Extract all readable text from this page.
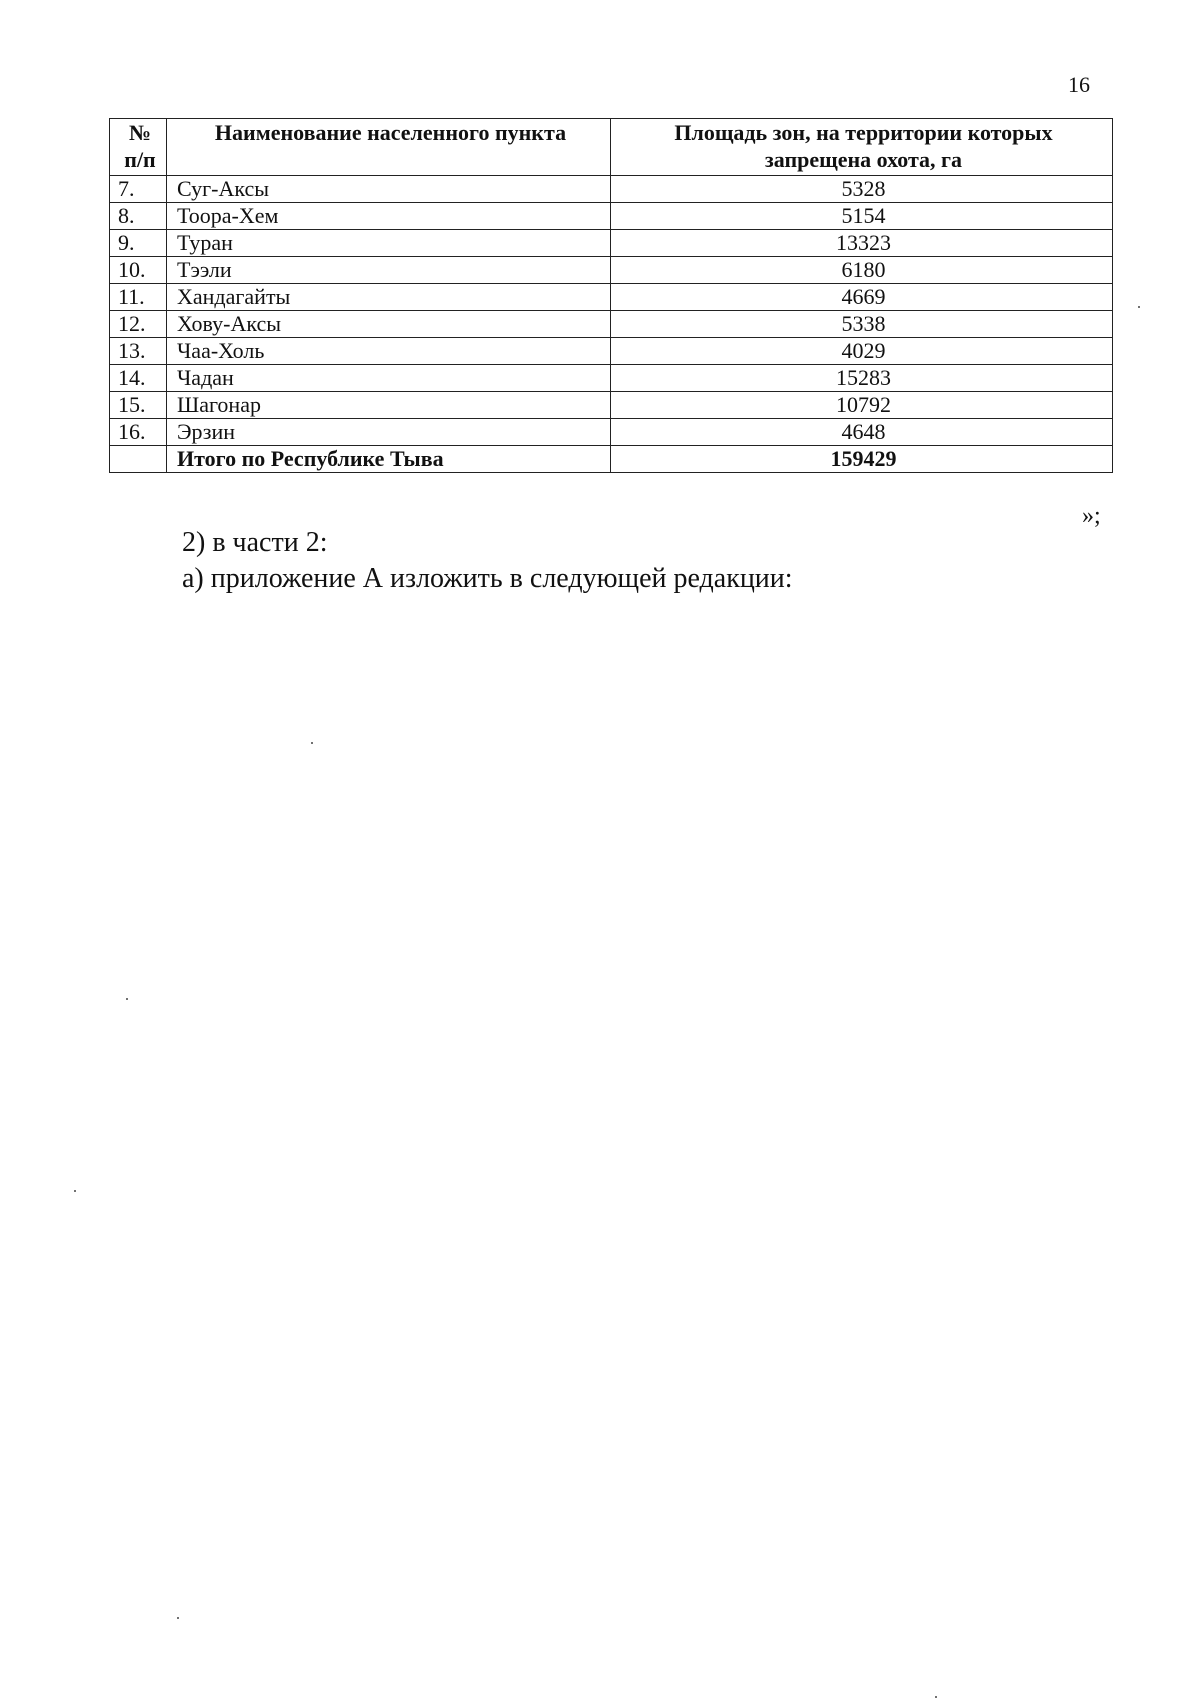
16
№ п/п	Наименование населенного пункта	Площадь зон, на территории которых запрещена охота, га
7.	Суг-Аксы	5328
8.	Тоора-Хем	5154
9.	Туран	13323
10.	Тээли	6180
11.	Хандагайты	4669
12.	Хову-Аксы	5338
13.	Чаа-Холь	4029
14.	Чадан	15283
15.	Шагонар	10792
16.	Эрзин	4648
	Итого по Республике Тыва	159429
»;
2) в части 2:
а) приложение А изложить в следующей редакции:
